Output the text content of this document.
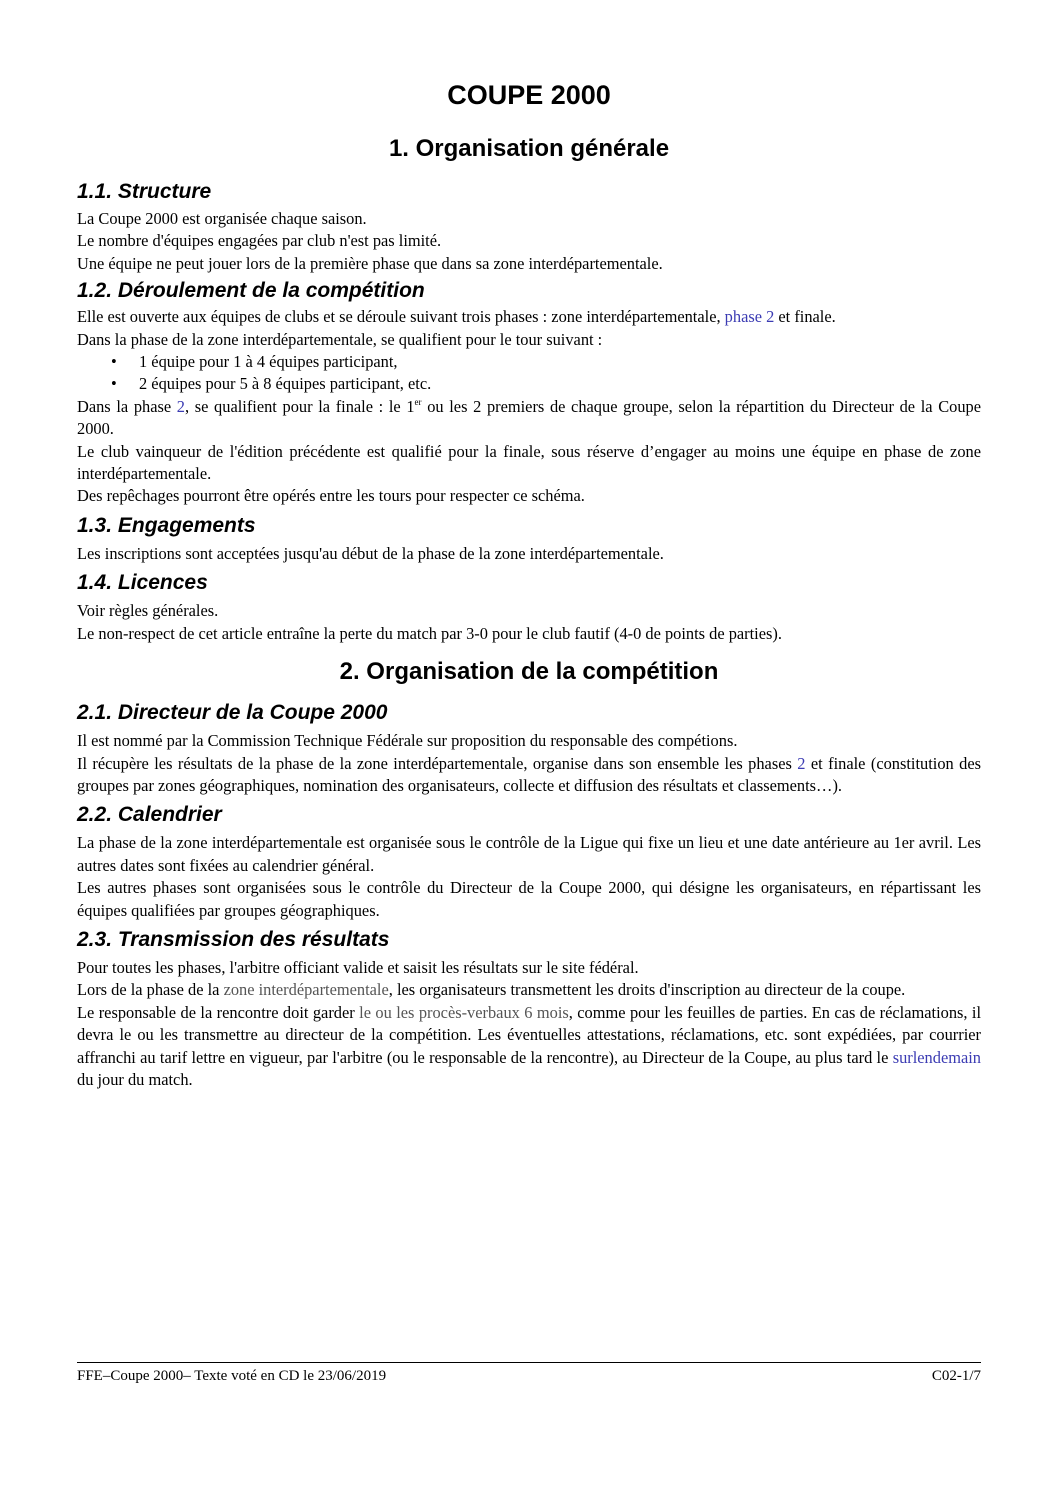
COUPE 2000
1. Organisation générale
1.1. Structure

La Coupe 2000 est organisée chaque saison.

Le nombre d'équipes engagées par club n'est pas limité.

Une équipe ne peut jouer lors de la première phase que dans sa zone interdépartementale.

1.2. Déroulement de la compétition

Elle est ouverte aux équipes de clubs et se déroule suivant trois phases : zone interdépartementale, phase 2 et finale.

Dans la phase de la zone interdépartementale, se qualifient pour le tour suivant :

• 1 équipe pour 1 à 4 équipes participant,
• 2 équipes pour 5 à 8 équipes participant, etc.

Dans la phase 2, se qualifient pour la finale : le 1er ou les 2 premiers de chaque groupe, selon la répartition du Directeur de la Coupe 2000.

Le club vainqueur de l'édition précédente est qualifié pour la finale, sous réserve d’engager au moins une équipe en phase de zone interdépartementale.

Des repêchages pourront être opérés entre les tours pour respecter ce schéma.

1.3. Engagements

Les inscriptions sont acceptées jusqu'au début de la phase de la zone interdépartementale.

1.4. Licences

Voir règles générales.

Le non-respect de cet article entraîne la perte du match par 3-0 pour le club fautif (4-0 de points de parties).

2. Organisation de la compétition
2.1. Directeur de la Coupe 2000

Il est nommé par la Commission Technique Fédérale sur proposition du responsable des compétions.

Il récupère les résultats de la phase de la zone interdépartementale, organise dans son ensemble les phases 2 et finale (constitution des groupes par zones géographiques, nomination des organisateurs, collecte et diffusion des résultats et classements…).

2.2. Calendrier

La phase de la zone interdépartementale est organisée sous le contrôle de la Ligue qui fixe un lieu et une date antérieure au 1er avril. Les autres dates sont fixées au calendrier général.

Les autres phases sont organisées sous le contrôle du Directeur de la Coupe 2000, qui désigne les organisateurs, en répartissant les équipes qualifiées par groupes géographiques.

2.3. Transmission des résultats

Pour toutes les phases, l'arbitre officiant valide et saisit les résultats sur le site fédéral.

Lors de la phase de la zone interdépartementale, les organisateurs transmettent les droits d'inscription au directeur de la coupe.

Le responsable de la rencontre doit garder le ou les procès-verbaux 6 mois, comme pour les feuilles de parties. En cas de réclamations, il devra le ou les transmettre au directeur de la compétition. Les éventuelles attestations, réclamations, etc. sont expédiées, par courrier affranchi au tarif lettre en vigueur, par l'arbitre (ou le responsable de la rencontre), au Directeur de la Coupe, au plus tard le surlendemain du jour du match.

FFE–Coupe 2000– Texte voté en CD le 23/06/2019	C02-1/7
